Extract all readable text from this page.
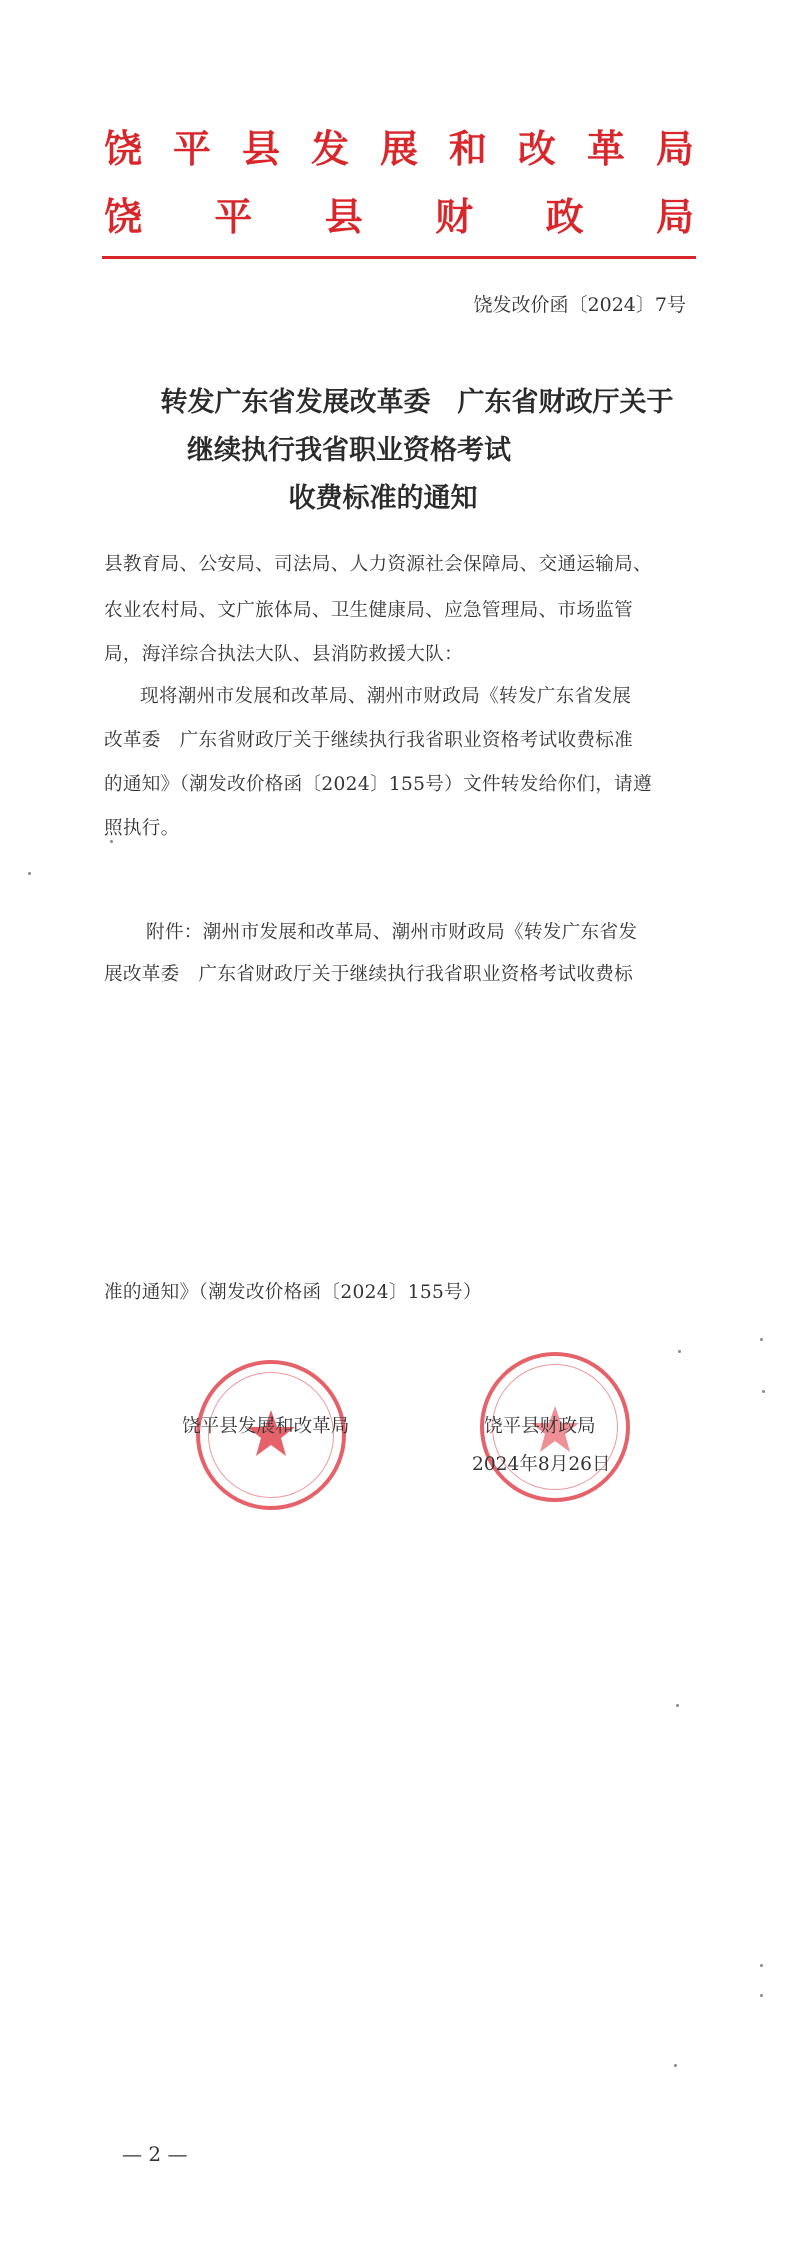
饶 平 县 发 展 和 改 革 局
饶 平 县 财 政 局
饶发改价函〔2024〕7号
转发广东省发展改革委　广东省财政厅关于
继续执行我省职业资格考试
收费标准的通知
县教育局、公安局、司法局、人力资源社会保障局、交通运输局、
农业农村局、文广旅体局、卫生健康局、应急管理局、市场监管
局，海洋综合执法大队、县消防救援大队：
现将潮州市发展和改革局、潮州市财政局《转发广东省发展
改革委　广东省财政厅关于继续执行我省职业资格考试收费标准
的通知》（潮发改价格函〔2024〕155号）文件转发给你们，请遵
照执行。
附件：潮州市发展和改革局、潮州市财政局《转发广东省发
展改革委　广东省财政厅关于继续执行我省职业资格考试收费标
准的通知》（潮发改价格函〔2024〕155号）
饶平县发展和改革局	饶平县财政局
2024年8月26日
— 2 —
